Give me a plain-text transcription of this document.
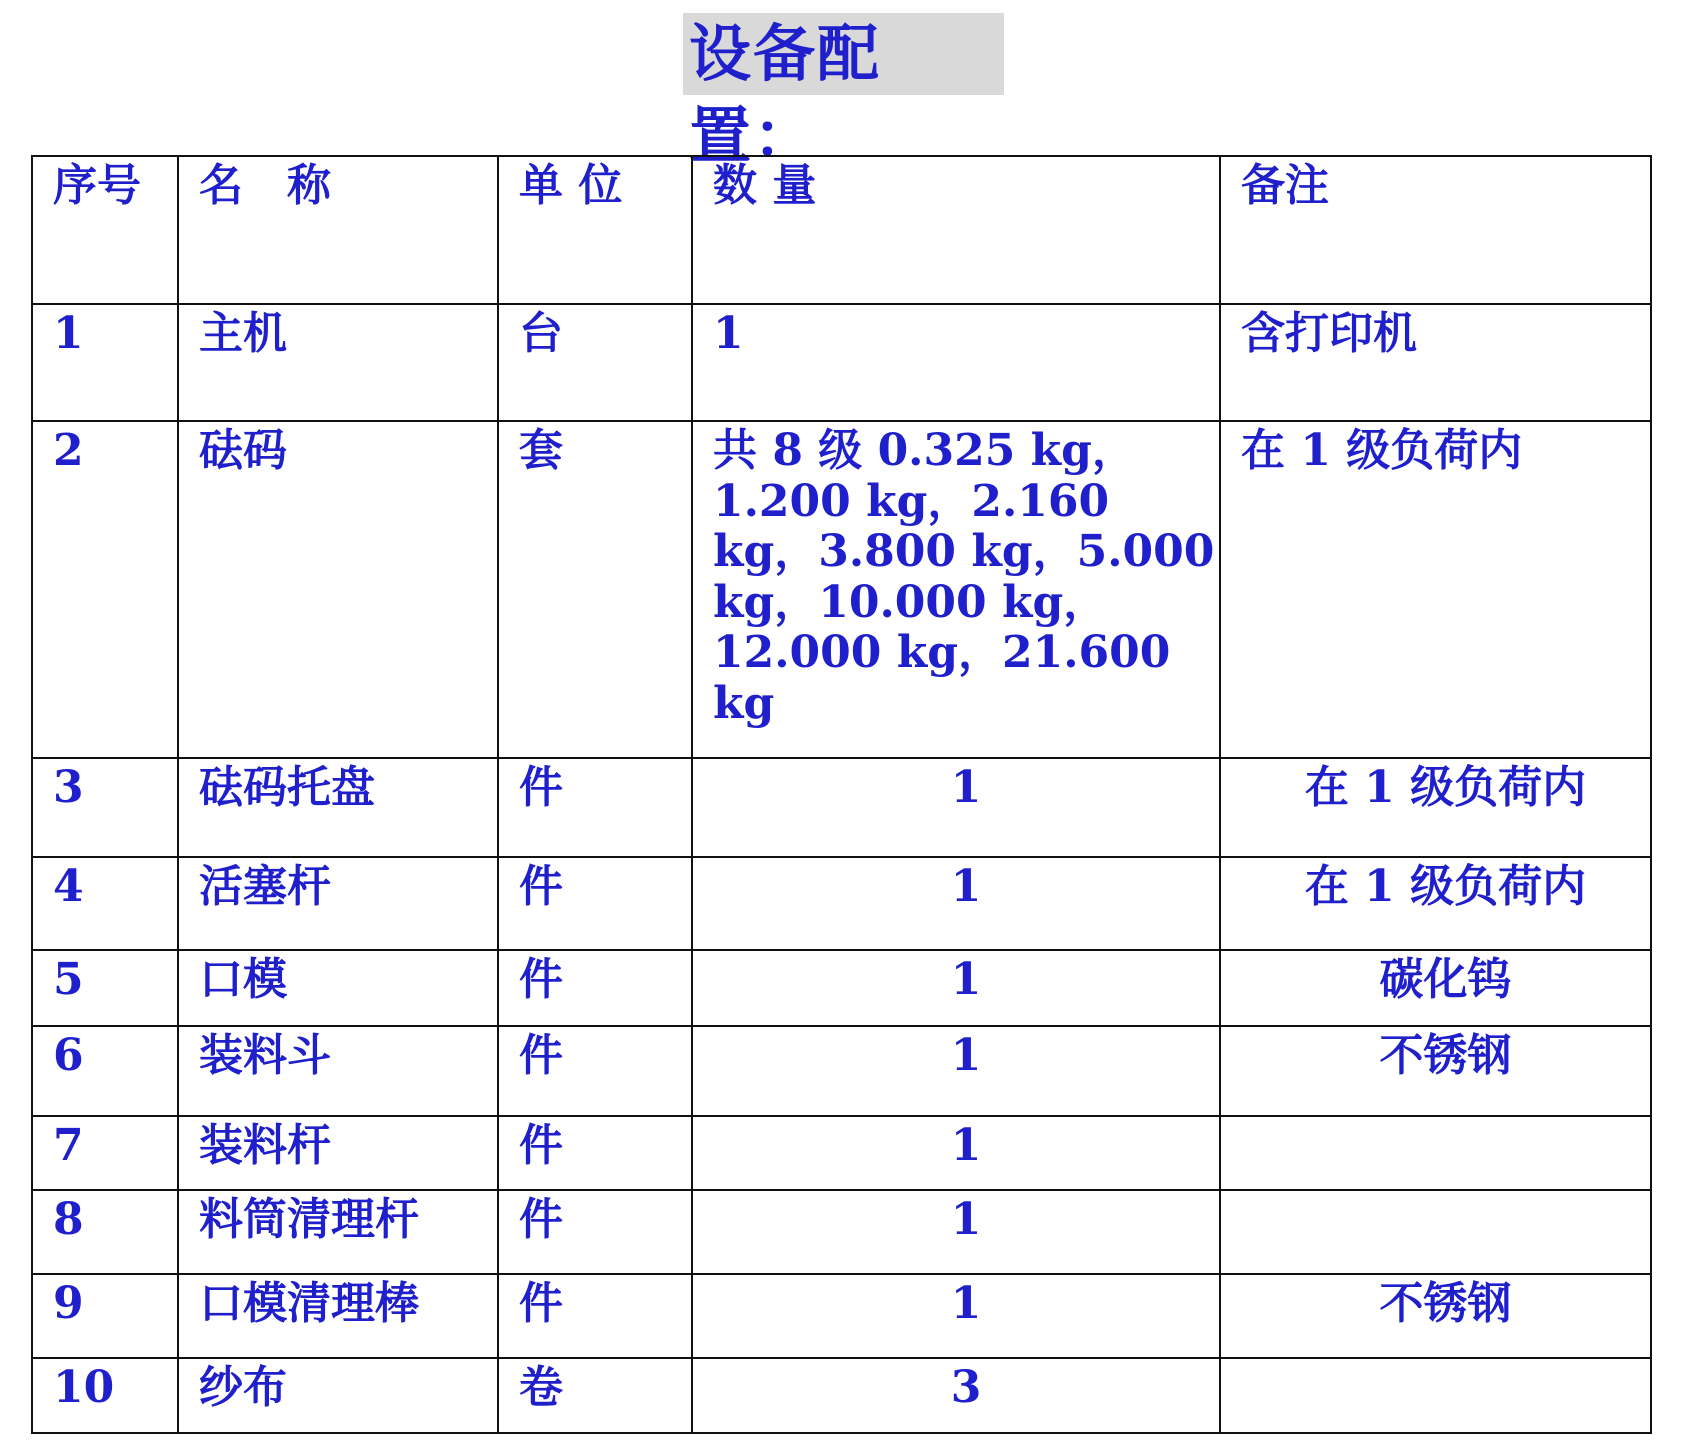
设备配置：
序号	名　称	单 位	数 量	备注
1	主机	台	1	含打印机
2	砝码	套	共 8 级 0.325 kg，1.200 kg，2.160 kg，3.800 kg，5.000 kg，10.000 kg，12.000 kg，21.600 kg	在 1 级负荷内
3	砝码托盘	件	1	在 1 级负荷内
4	活塞杆	件	1	在 1 级负荷内
5	口模	件	1	碳化钨
6	装料斗	件	1	不锈钢
7	装料杆	件	1	
8	料筒清理杆	件	1	
9	口模清理棒	件	1	不锈钢
10	纱布	卷	3	
